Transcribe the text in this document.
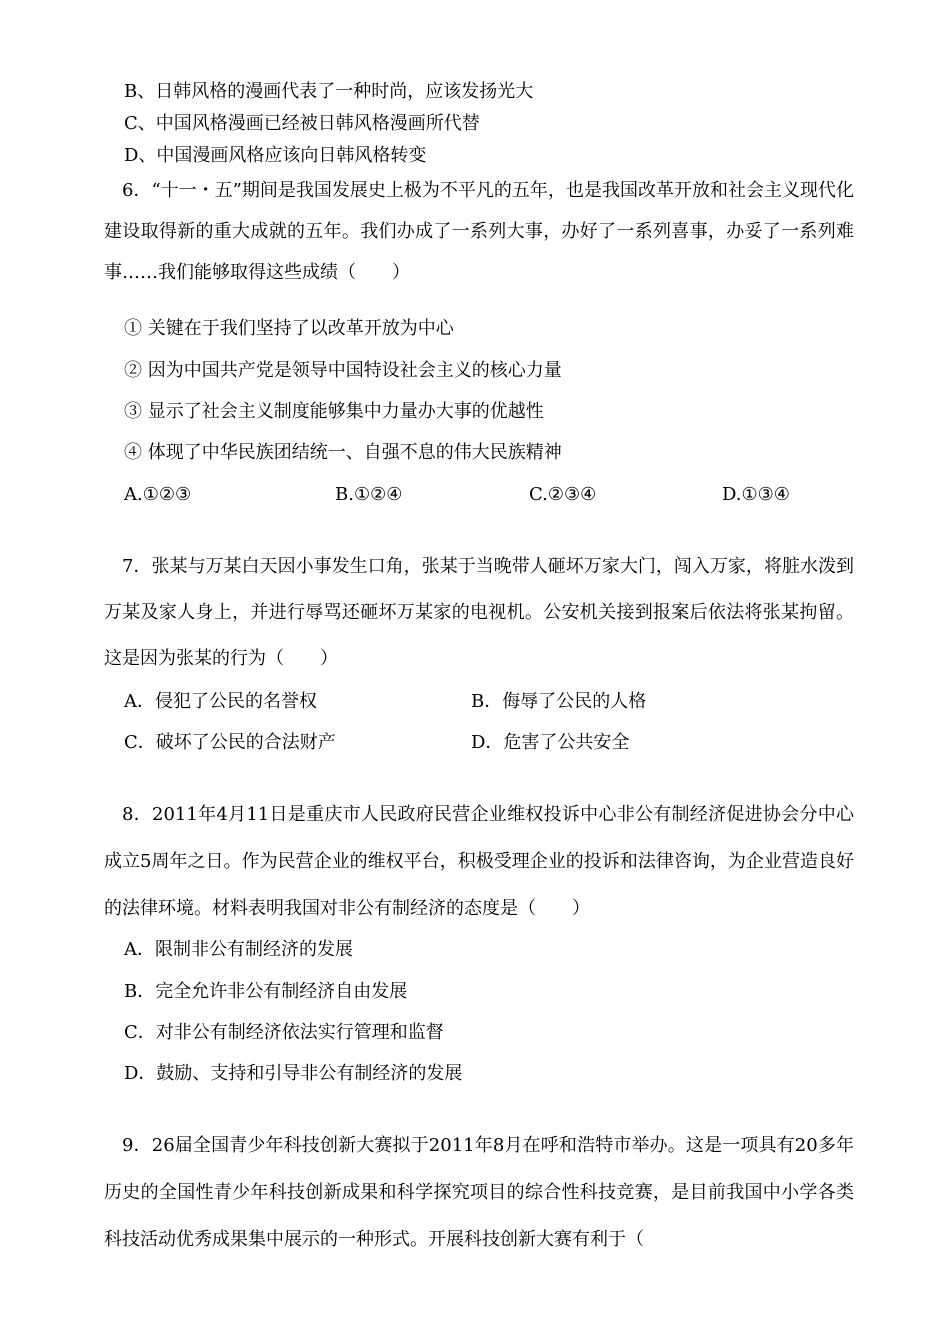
B、日韩风格的漫画代表了一种时尚，应该发扬光大
C、中国风格漫画已经被日韩风格漫画所代替
D、中国漫画风格应该向日韩风格转变
6．“十一・五”期间是我国发展史上极为不平凡的五年，也是我国改革开放和社会主义现代化建设取得新的重大成就的五年。我们办成了一系列大事，办好了一系列喜事，办妥了一系列难事……我们能够取得这些成绩（　　）
① 关键在于我们坚持了以改革开放为中心
② 因为中国共产党是领导中国特设社会主义的核心力量
③ 显示了社会主义制度能够集中力量办大事的优越性
④ 体现了中华民族团结统一、自强不息的伟大民族精神
A.①②③	B.①②④	C.②③④	D.①③④
7．张某与万某白天因小事发生口角，张某于当晚带人砸坏万家大门，闯入万家，将脏水泼到万某及家人身上，并进行辱骂还砸坏万某家的电视机。公安机关接到报案后依法将张某拘留。这是因为张某的行为（　　）
A．侵犯了公民的名誉权	B．侮辱了公民的人格
C．破坏了公民的合法财产	D．危害了公共安全
8．2011年4月11日是重庆市人民政府民营企业维权投诉中心非公有制经济促进协会分中心成立5周年之日。作为民营企业的维权平台，积极受理企业的投诉和法律咨询，为企业营造良好的法律环境。材料表明我国对非公有制经济的态度是（　　）
A．限制非公有制经济的发展
B．完全允许非公有制经济自由发展
C．对非公有制经济依法实行管理和监督
D．鼓励、支持和引导非公有制经济的发展
9．26届全国青少年科技创新大赛拟于2011年8月在呼和浩特市举办。这是一项具有20多年历史的全国性青少年科技创新成果和科学探究项目的综合性科技竞赛，是目前我国中小学各类科技活动优秀成果集中展示的一种形式。开展科技创新大赛有利于（
